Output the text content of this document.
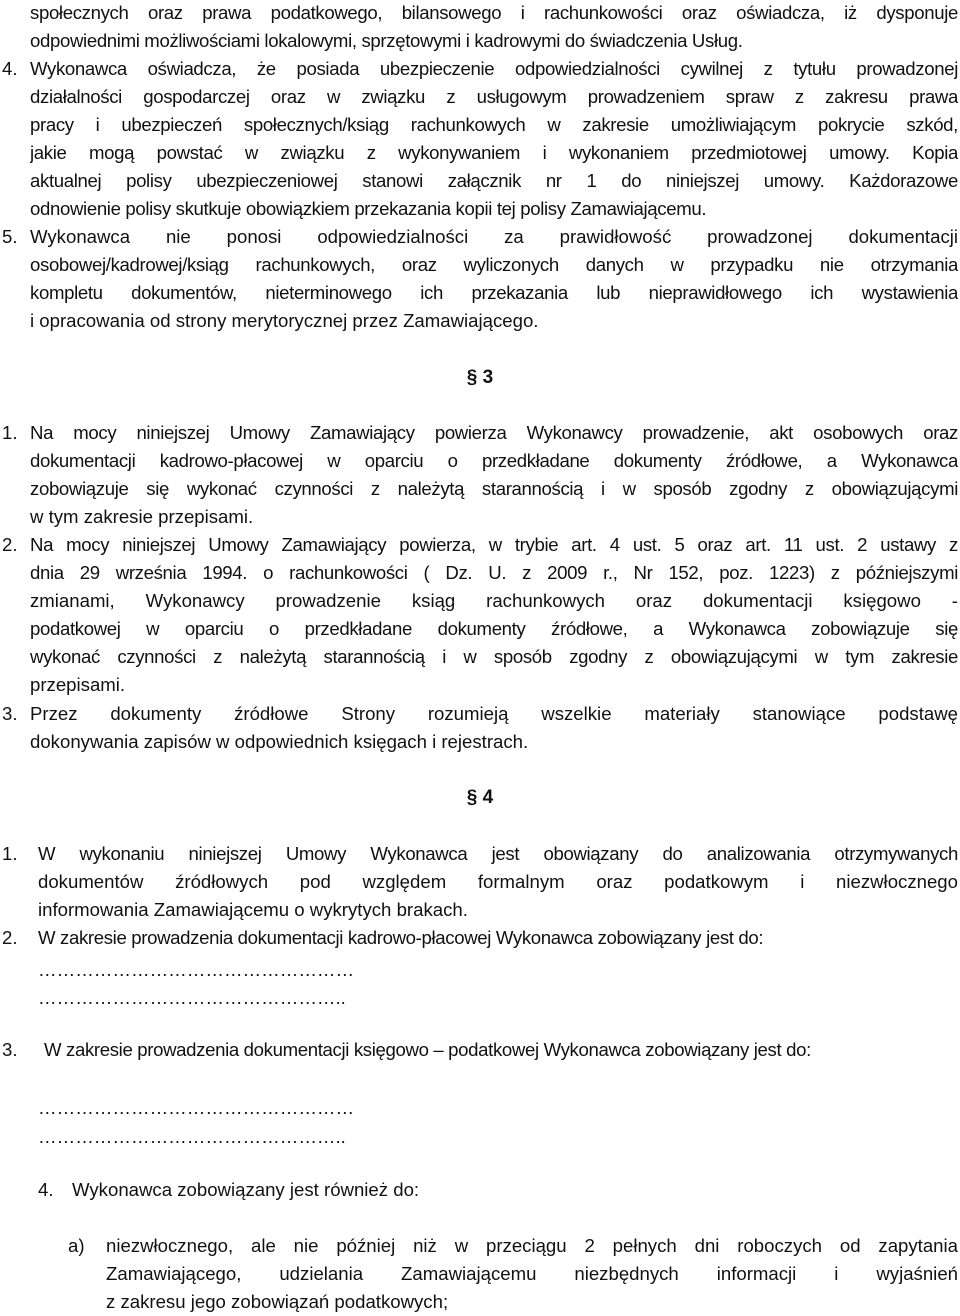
społecznych oraz prawa podatkowego, bilansowego i rachunkowości oraz oświadcza, iż dysponuje
odpowiednimi możliwościami lokalowymi, sprzętowymi i kadrowymi do świadczenia Usług.
4. Wykonawca oświadcza, że posiada ubezpieczenie odpowiedzialności cywilnej z tytułu prowadzonej
działalności gospodarczej oraz w związku z usługowym prowadzeniem spraw z zakresu prawa
pracy i ubezpieczeń społecznych/ksiąg rachunkowych w zakresie umożliwiającym pokrycie szkód,
jakie mogą powstać w związku z wykonywaniem i wykonaniem przedmiotowej umowy. Kopia
aktualnej polisy ubezpieczeniowej stanowi załącznik nr 1 do niniejszej umowy. Każdorazowe
odnowienie polisy skutkuje obowiązkiem przekazania kopii tej polisy Zamawiającemu.
5. Wykonawca nie ponosi odpowiedzialności za prawidłowość prowadzonej dokumentacji
osobowej/kadrowej/ksiąg rachunkowych, oraz wyliczonych danych w przypadku nie otrzymania
kompletu dokumentów, nieterminowego ich przekazania lub nieprawidłowego ich wystawienia
i opracowania od strony merytorycznej przez Zamawiającego.
§ 3
1. Na mocy niniejszej Umowy Zamawiający powierza Wykonawcy prowadzenie, akt osobowych oraz
dokumentacji kadrowo-płacowej w oparciu o przedkładane dokumenty źródłowe, a Wykonawca
zobowiązuje się wykonać czynności z należytą starannością i w sposób zgodny z obowiązującymi
w tym zakresie przepisami.
2. Na mocy niniejszej Umowy Zamawiający powierza, w trybie art. 4 ust. 5 oraz art. 11 ust. 2 ustawy z
dnia 29 września 1994. o rachunkowości ( Dz. U. z 2009 r., Nr 152, poz. 1223) z późniejszymi
zmianami, Wykonawcy prowadzenie ksiąg rachunkowych oraz dokumentacji księgowo -
podatkowej w oparciu o przedkładane dokumenty źródłowe, a Wykonawca zobowiązuje się
wykonać czynności z należytą starannością i w sposób zgodny z obowiązującymi w tym zakresie
przepisami.
3. Przez dokumenty źródłowe Strony rozumieją wszelkie materiały stanowiące podstawę
dokonywania zapisów w odpowiednich księgach i rejestrach.
§ 4
1. W wykonaniu niniejszej Umowy Wykonawca jest obowiązany do analizowania otrzymywanych
dokumentów źródłowych pod względem formalnym oraz podatkowym i niezwłocznego
informowania Zamawiającemu o wykrytych brakach.
2. W zakresie prowadzenia dokumentacji kadrowo-płacowej Wykonawca zobowiązany jest do:
……………………………………………
…………………………………………..
3. W zakresie prowadzenia dokumentacji księgowo – podatkowej Wykonawca zobowiązany jest do:
……………………………………………
…………………………………………..
4. Wykonawca zobowiązany jest również do:
a) niezwłocznego, ale nie później niż w przeciągu 2 pełnych dni roboczych od zapytania
Zamawiającego, udzielania Zamawiającemu niezbędnych informacji i wyjaśnień
z zakresu jego zobowiązań podatkowych;
